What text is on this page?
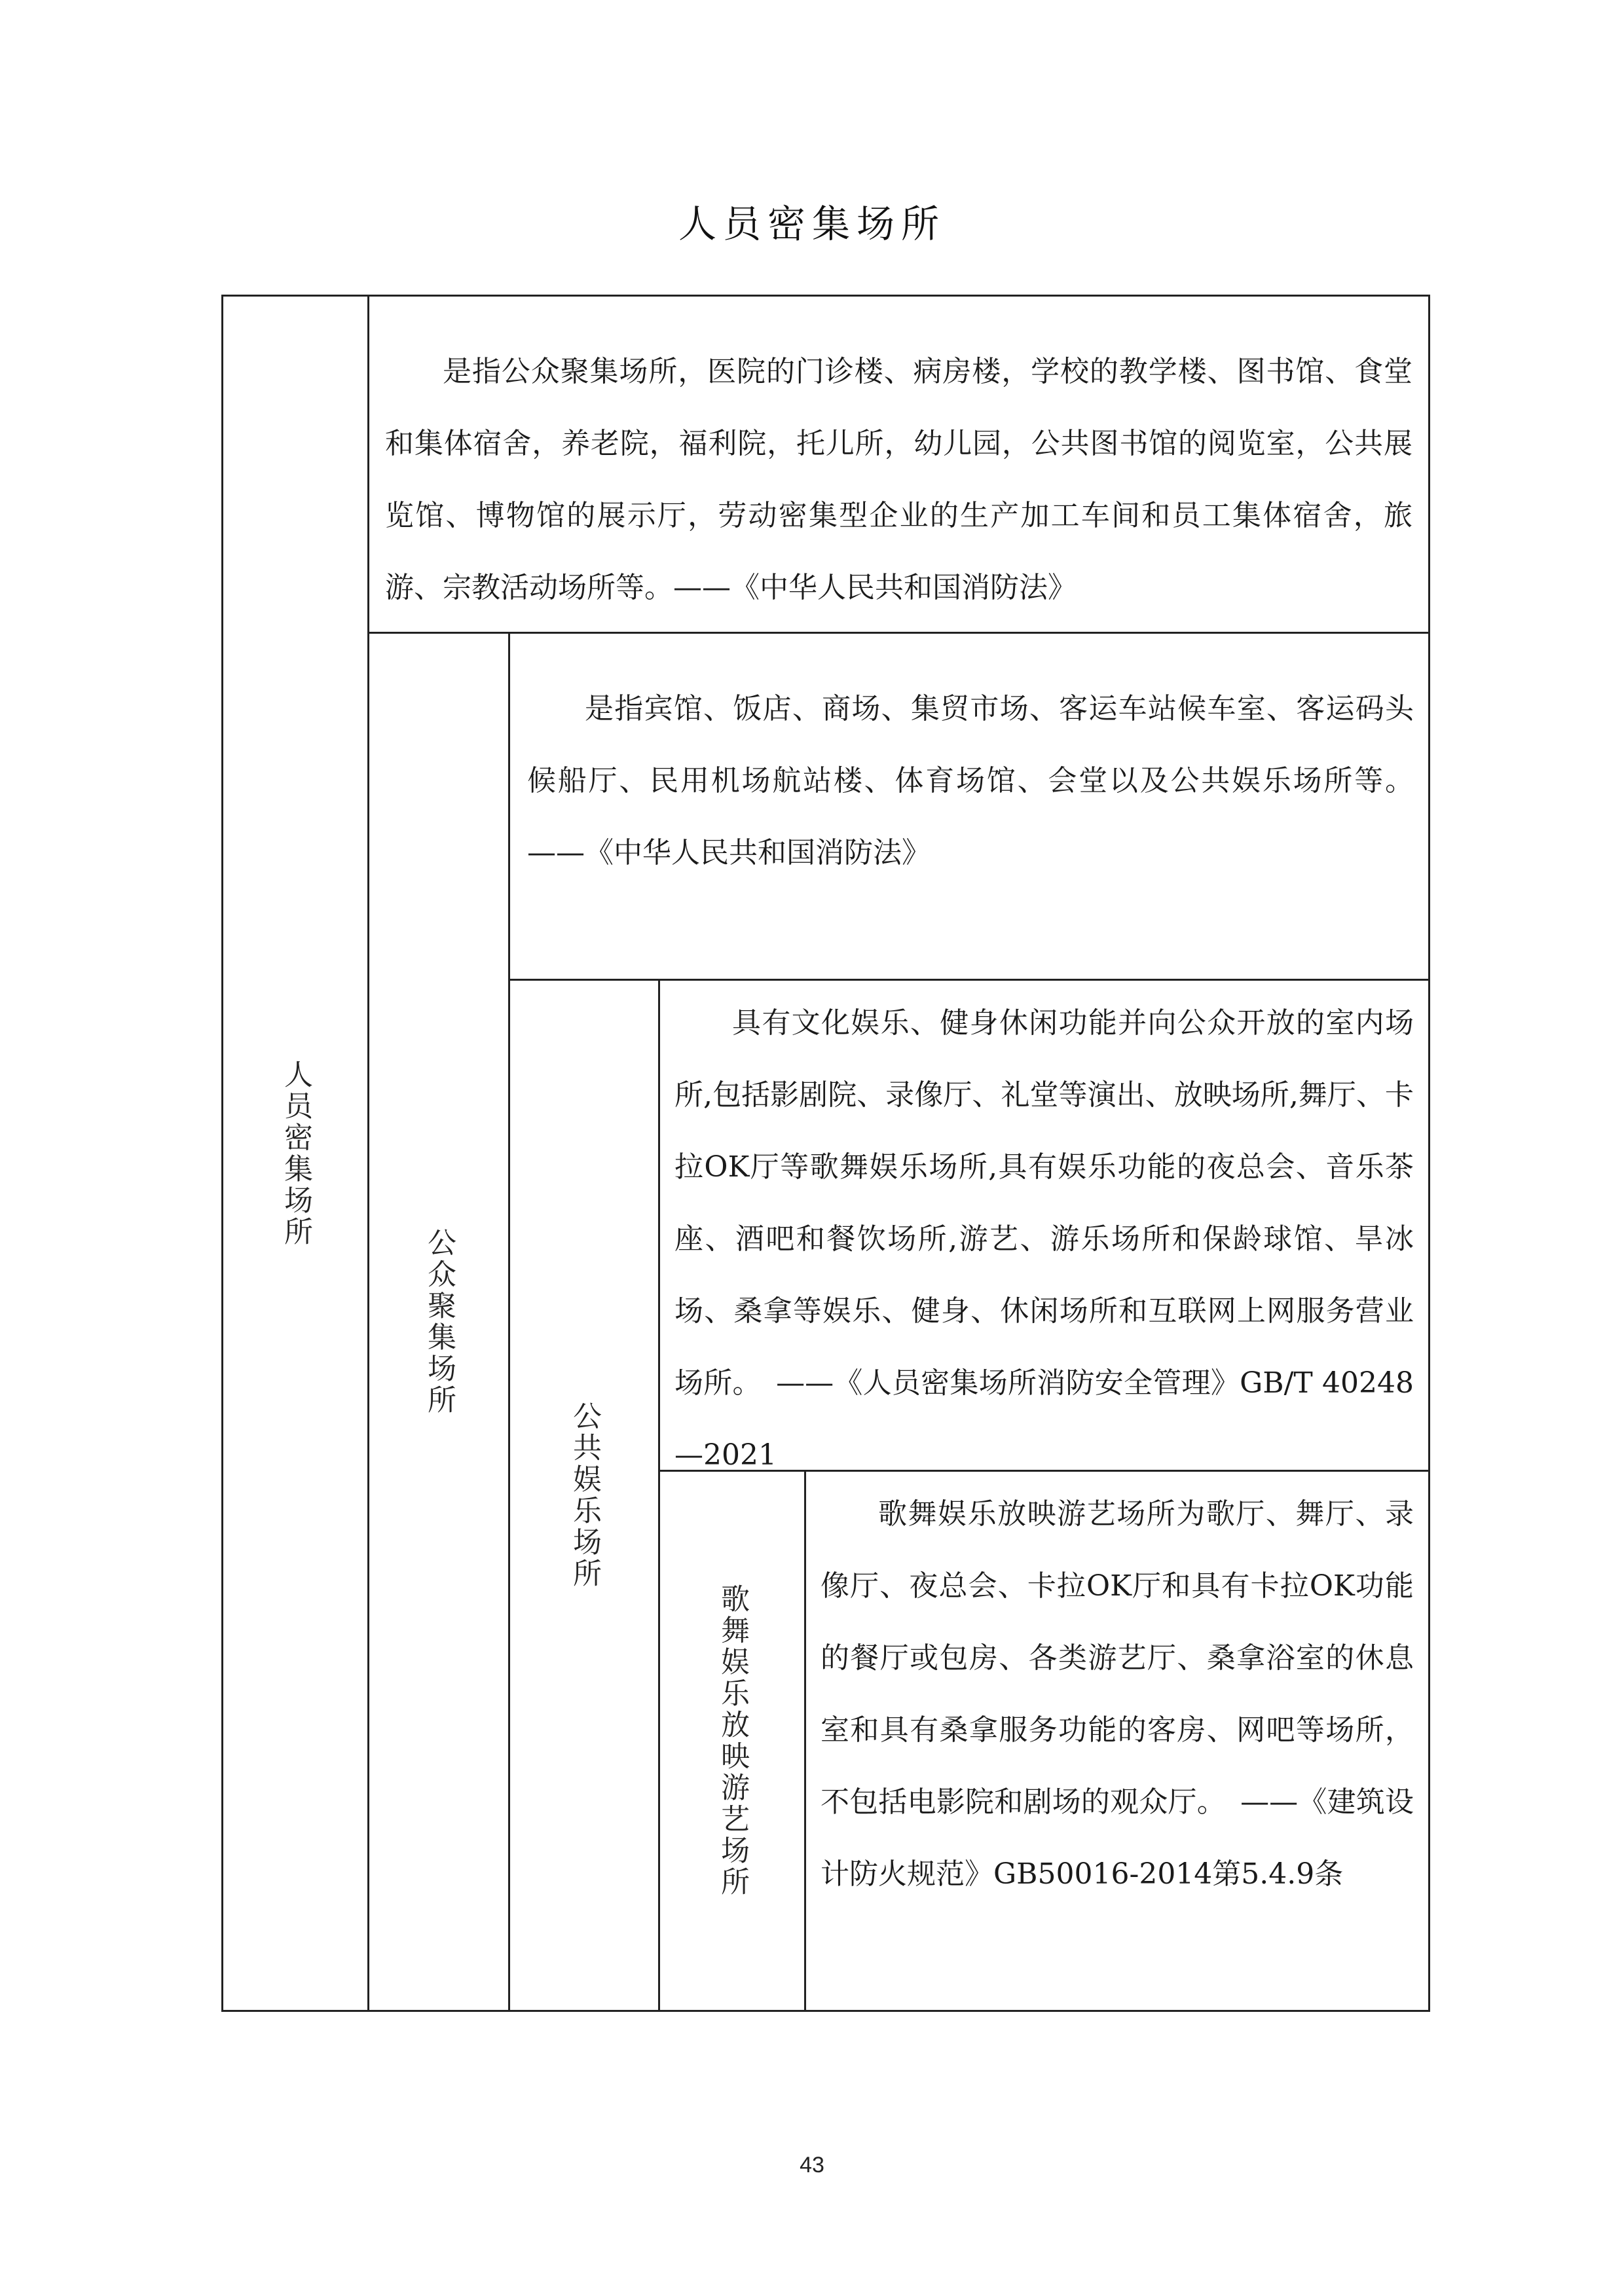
人员密集场所
人员密集场所

是指公众聚集场所，医院的门诊楼、病房楼，学校的教学楼、图书馆、食堂和集体宿舍，养老院，福利院，托儿所，幼儿园，公共图书馆的阅览室，公共展览馆、博物馆的展示厅，劳动密集型企业的生产加工车间和员工集体宿舍，旅游、宗教活动场所等。——《中华人民共和国消防法》

公众聚集场所

是指宾馆、饭店、商场、集贸市场、客运车站候车室、客运码头候船厅、民用机场航站楼、体育场馆、会堂以及公共娱乐场所等。——《中华人民共和国消防法》

公共娱乐场所

具有文化娱乐、健身休闲功能并向公众开放的室内场所,包括影剧院、录像厅、礼堂等演出、放映场所,舞厅、卡拉OK厅等歌舞娱乐场所,具有娱乐功能的夜总会、音乐茶座、酒吧和餐饮场所,游艺、游乐场所和保龄球馆、旱冰场、桑拿等娱乐、健身、休闲场所和互联网上网服务营业场所。　——《人员密集场所消防安全管理》GB/T 40248—2021

歌舞娱乐放映游艺场所

歌舞娱乐放映游艺场所为歌厅、舞厅、录像厅、夜总会、卡拉OK厅和具有卡拉OK功能的餐厅或包房、各类游艺厅、桑拿浴室的休息室和具有桑拿服务功能的客房、网吧等场所，不包括电影院和剧场的观众厅。　——《建筑设计防火规范》GB50016-2014第5.4.9条

43
